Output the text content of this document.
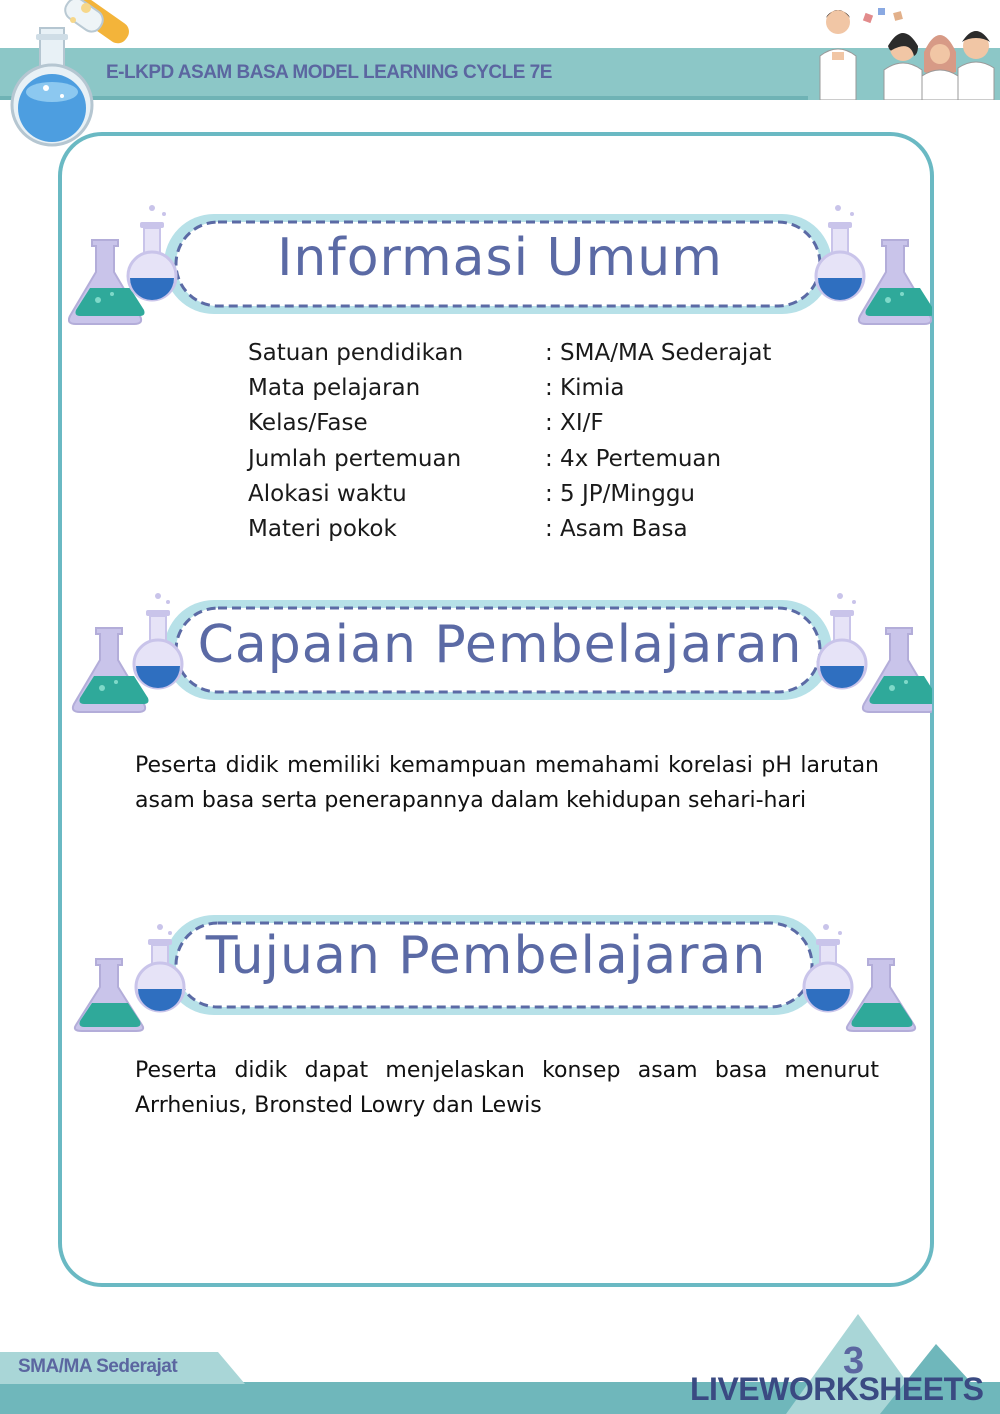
E-LKPD ASAM BASA MODEL LEARNING CYCLE 7E
Informasi Umum
Satuan pendidikan	: SMA/MA Sederajat
Mata pelajaran	: Kimia
Kelas/Fase	: XI/F
Jumlah pertemuan	: 4x Pertemuan
Alokasi waktu	: 5 JP/Minggu
Materi pokok	: Asam Basa
Capaian Pembelajaran
Peserta didik memiliki kemampuan memahami korelasi pH larutan asam basa serta penerapannya dalam kehidupan sehari-hari
Tujuan Pembelajaran
Peserta didik dapat menjelaskan konsep asam basa menurut Arrhenius, Bronsted Lowry dan Lewis
SMA/MA Sederajat	3
LIVEWORKSHEETS
